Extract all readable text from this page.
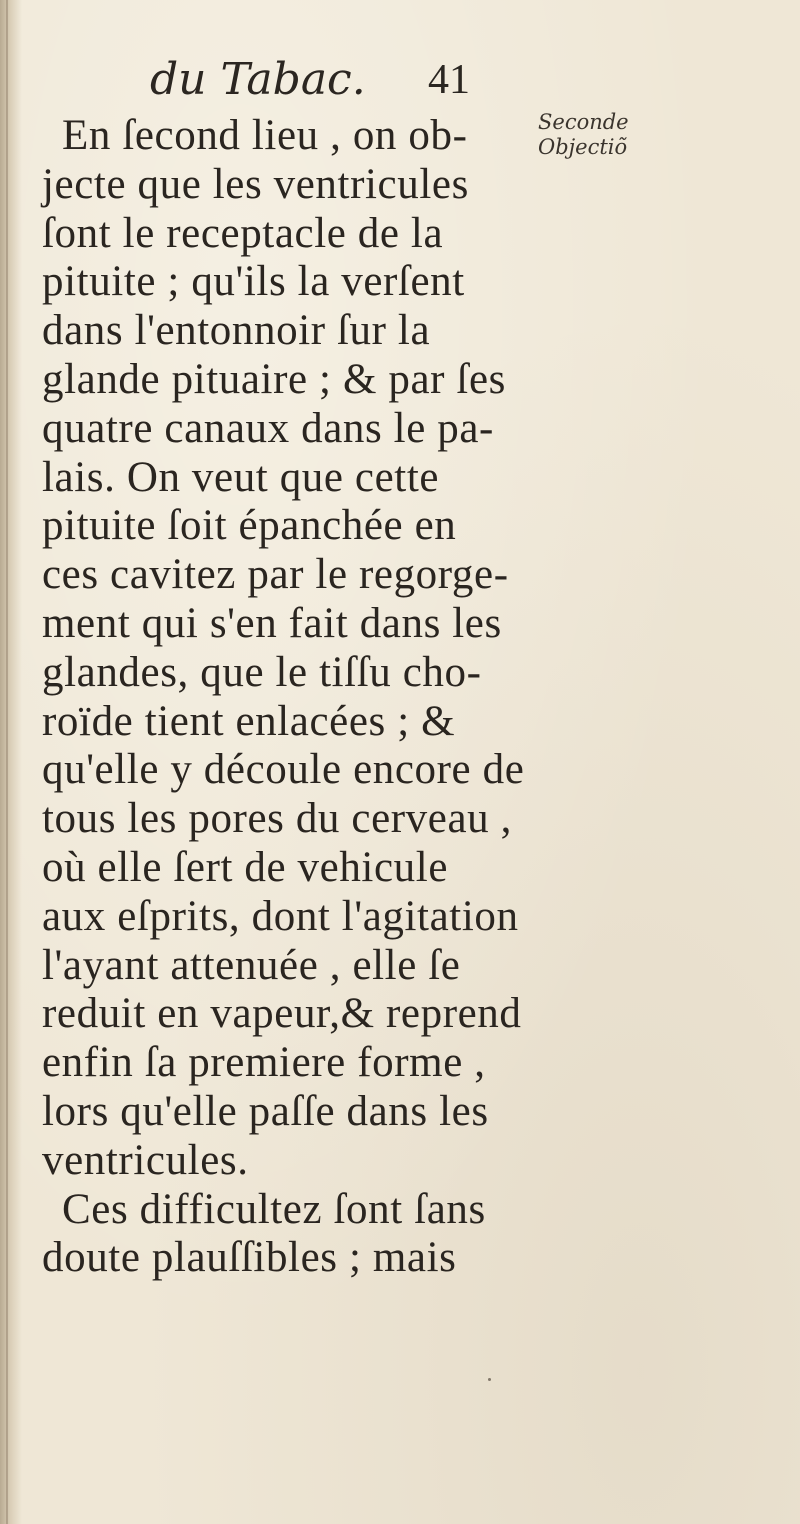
du Tabac. 41
Seconde
Objectiõ
En ſecond lieu , on ob-
jecte que les ventricules
ſont le receptacle de la
pituite ; qu'ils la verſent
dans l'entonnoir ſur la
glande pituaire ; & par ſes
quatre canaux dans le pa-
lais. On veut que cette
pituite ſoit épanchée en
ces cavitez par le regorge-
ment qui s'en fait dans les
glandes, que le tiſſu cho-
roïde tient enlacées ; &
qu'elle y découle encore de
tous les pores du cerveau ,
où elle ſert de vehicule
aux eſprits, dont l'agitation
l'ayant attenuée , elle ſe
reduit en vapeur,& reprend
enfin ſa premiere forme ,
lors qu'elle paſſe dans les
ventricules.
Ces difficultez ſont ſans
doute plauſſibles ; mais
